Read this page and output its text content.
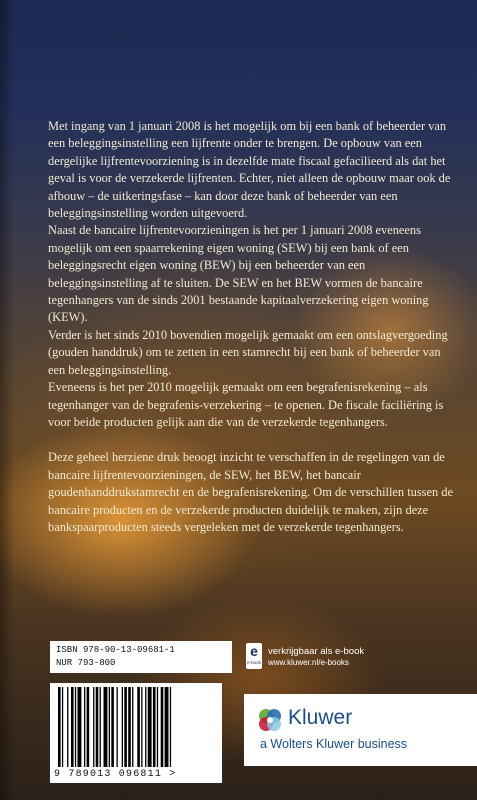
Met ingang van 1 januari 2008 is het mogelijk om bij een bank of beheerder van een beleggingsinstelling een lijfrente onder te brengen. De opbouw van een dergelijke lijfrentevoorziening is in dezelfde mate fiscaal gefacilieerd als dat het geval is voor de verzekerde lijfrenten. Echter, niet alleen de opbouw maar ook de afbouw – de uitkeringsfase – kan door deze bank of beheerder van een beleggingsinstelling worden uitgevoerd.

Naast de bancaire lijfrentevoorzieningen is het per 1 januari 2008 eveneens mogelijk om een spaarrekening eigen woning (SEW) bij een bank of een beleggingsrecht eigen woning (BEW) bij een beheerder van een beleggingsinstelling af te sluiten. De SEW en het BEW vormen de bancaire tegenhangers van de sinds 2001 bestaande kapitaalverzekering eigen woning (KEW).

Verder is het sinds 2010 bovendien mogelijk gemaakt om een ontslagvergoeding (gouden handdruk) om te zetten in een stamrecht bij een bank of beheerder van een beleggingsinstelling.

Eveneens is het per 2010 mogelijk gemaakt om een begrafenisrekening – als tegenhanger van de begrafenis-verzekering – te openen. De fiscale faciliëring is voor beide producten gelijk aan die van de verzekerde tegenhangers.

Deze geheel herziene druk beoogt inzicht te verschaffen in de regelingen van de bancaire lijfrentevoorzieningen, de SEW, het BEW, het bancair goudenhanddrukstamrecht en de begrafenisrekening. Om de verschillen tussen de bancaire producten en de verzekerde producten duidelijk te maken, zijn deze bankspaarproducten steeds vergeleken met de verzekerde tegenhangers.

ISBN 978-90-13-09681-1
NUR 793-800
9 789013 096811 >
e
e-book
verkrijgbaar als e-book
www.kluwer.nl/e-books
Kluwer
a Wolters Kluwer business
